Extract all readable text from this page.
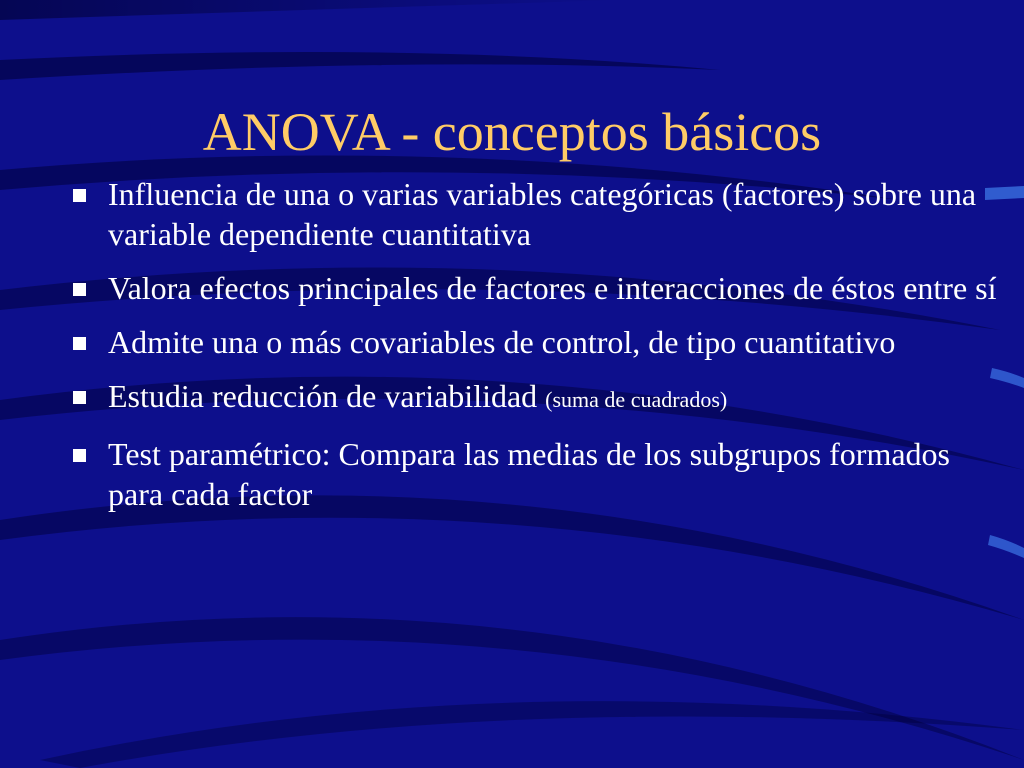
ANOVA - conceptos básicos
Influencia de una o varias variables categóricas (factores) sobre una variable dependiente cuantitativa
Valora efectos principales de factores e interacciones de éstos entre sí
Admite una o más covariables de control, de tipo cuantitativo
Estudia reducción de variabilidad (suma de cuadrados)
Test paramétrico: Compara las medias de los subgrupos formados para cada factor
